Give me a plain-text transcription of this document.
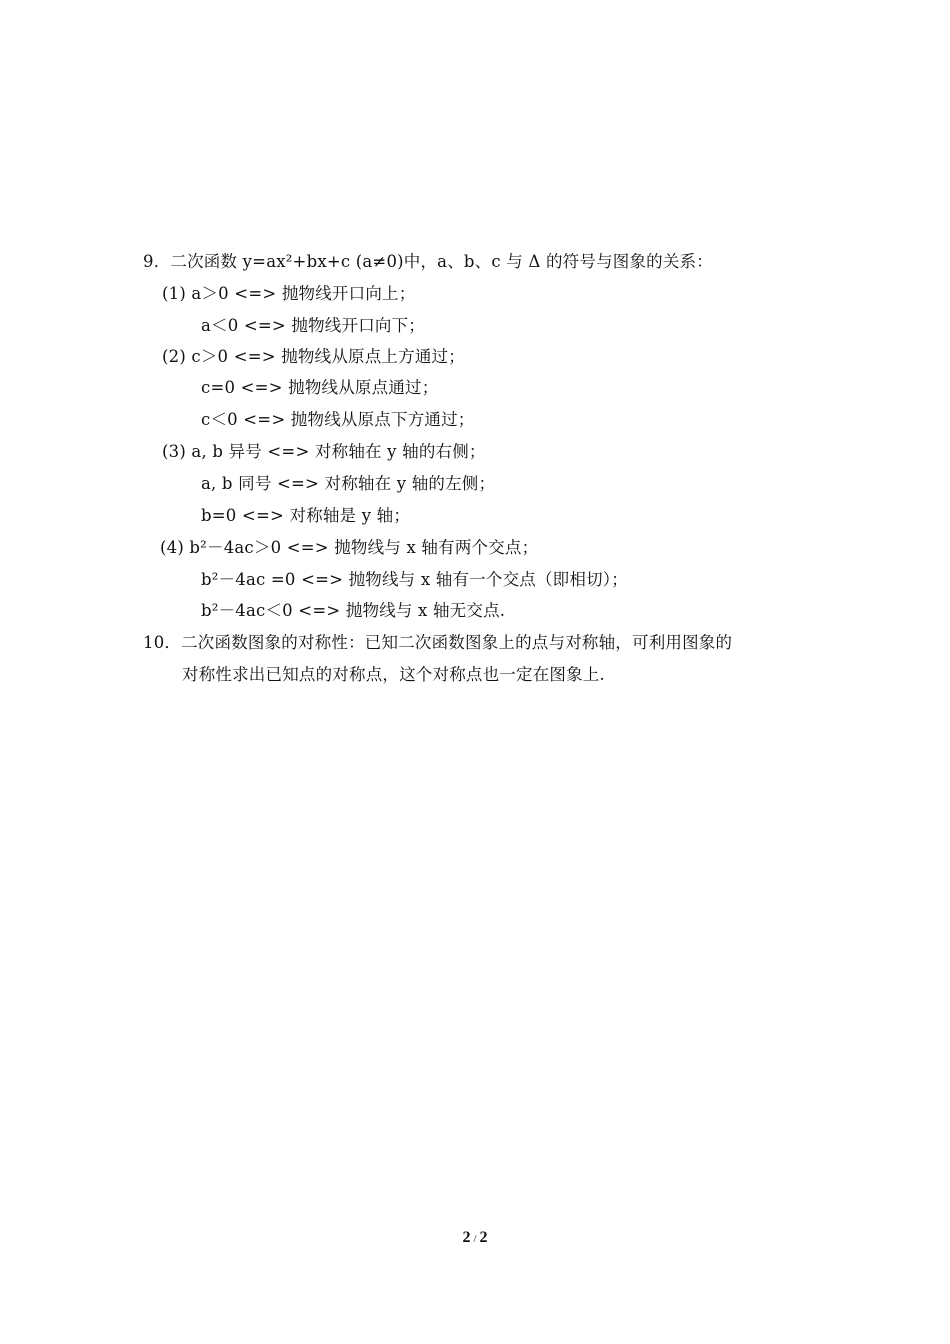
9．二次函数 y=ax²+bx+c (a≠0)中，a、b、c 与 Δ 的符号与图象的关系：
(1) a＞0 <=> 抛物线开口向上；
a＜0 <=> 抛物线开口向下；
(2) c＞0 <=> 抛物线从原点上方通过；
c=0 <=> 抛物线从原点通过；
c＜0 <=> 抛物线从原点下方通过；
(3) a, b 异号 <=> 对称轴在 y 轴的右侧；
a, b 同号 <=> 对称轴在 y 轴的左侧；
b=0 <=> 对称轴是 y 轴；
(4) b²－4ac＞0 <=> 抛物线与 x 轴有两个交点；
b²－4ac =0 <=> 抛物线与 x 轴有一个交点（即相切）；
b²－4ac＜0 <=> 抛物线与 x 轴无交点.
10．二次函数图象的对称性：已知二次函数图象上的点与对称轴，可利用图象的
对称性求出已知点的对称点，这个对称点也一定在图象上.
2 / 2
